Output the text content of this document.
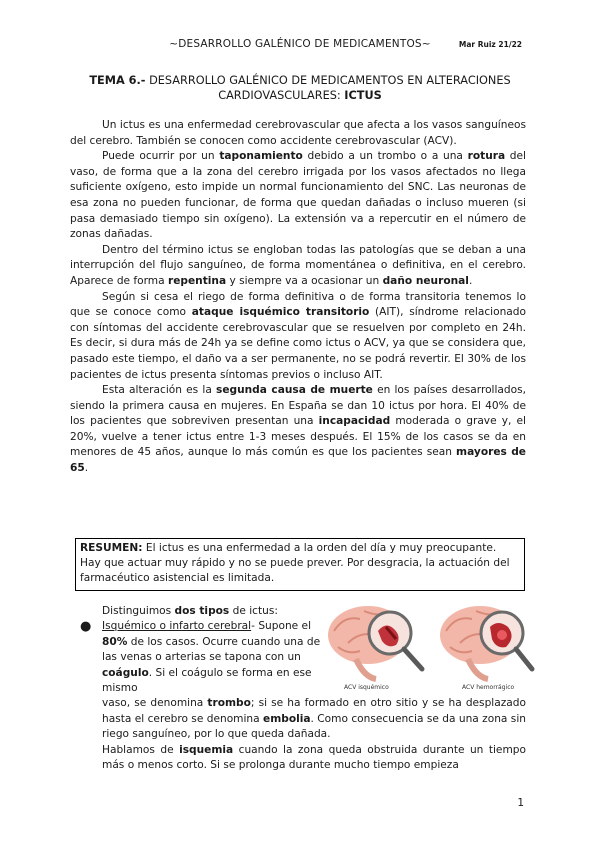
~DESARROLLO GALÉNICO DE MEDICAMENTOS~	Mar Ruiz 21/22
TEMA 6.- DESARROLLO GALÉNICO DE MEDICAMENTOS EN ALTERACIONES
CARDIOVASCULARES: ICTUS

Un ictus es una enfermedad cerebrovascular que afecta a los vasos sanguíneos del cerebro. También se conocen como accidente cerebrovascular (ACV).

Puede ocurrir por un taponamiento debido a un trombo o a una rotura del vaso, de forma que a la zona del cerebro irrigada por los vasos afectados no llega suficiente oxígeno, esto impide un normal funcionamiento del SNC. Las neuronas de esa zona no pueden funcionar, de forma que quedan dañadas o incluso mueren (si pasa demasiado tiempo sin oxígeno). La extensión va a repercutir en el número de zonas dañadas.

Dentro del término ictus se engloban todas las patologías que se deban a una interrupción del flujo sanguíneo, de forma momentánea o definitiva, en el cerebro. Aparece de forma repentina y siempre va a ocasionar un daño neuronal.

Según si cesa el riego de forma definitiva o de forma transitoria tenemos lo que se conoce como ataque isquémico transitorio (AIT), síndrome relacionado con síntomas del accidente cerebrovascular que se resuelven por completo en 24h. Es decir, si dura más de 24h ya se define como ictus o ACV, ya que se considera que, pasado este tiempo, el daño va a ser permanente, no se podrá revertir. El 30% de los pacientes de ictus presenta síntomas previos o incluso AIT.

Esta alteración es la segunda causa de muerte en los países desarrollados, siendo la primera causa en mujeres. En España se dan 10 ictus por hora. El 40% de los pacientes que sobreviven presentan una incapacidad moderada o grave y, el 20%, vuelve a tener ictus entre 1-3 meses después. El 15% de los casos se da en menores de 45 años, aunque lo más común es que los pacientes sean mayores de 65.

RESUMEN: El ictus es una enfermedad a la orden del día y muy preocupante. Hay que actuar muy rápido y no se puede prever. Por desgracia, la actuación del farmacéutico asistencial es limitada.
Distinguimos dos tipos de ictus:
● Isquémico o infarto cerebral- Supone el 80% de los casos. Ocurre cuando una de las venas o arterias se tapona con un coágulo. Si el coágulo se forma en ese mismo
vaso, se denomina trombo; si se ha formado en otro sitio y se ha desplazado hasta el cerebro se denomina embolia. Como consecuencia se da una zona sin riego sanguíneo, por lo que queda dañada.
Hablamos de isquemia cuando la zona queda obstruida durante un tiempo más o menos corto. Si se prolonga durante mucho tiempo empieza
ACV isquémico	ACV hemorrágico
1
